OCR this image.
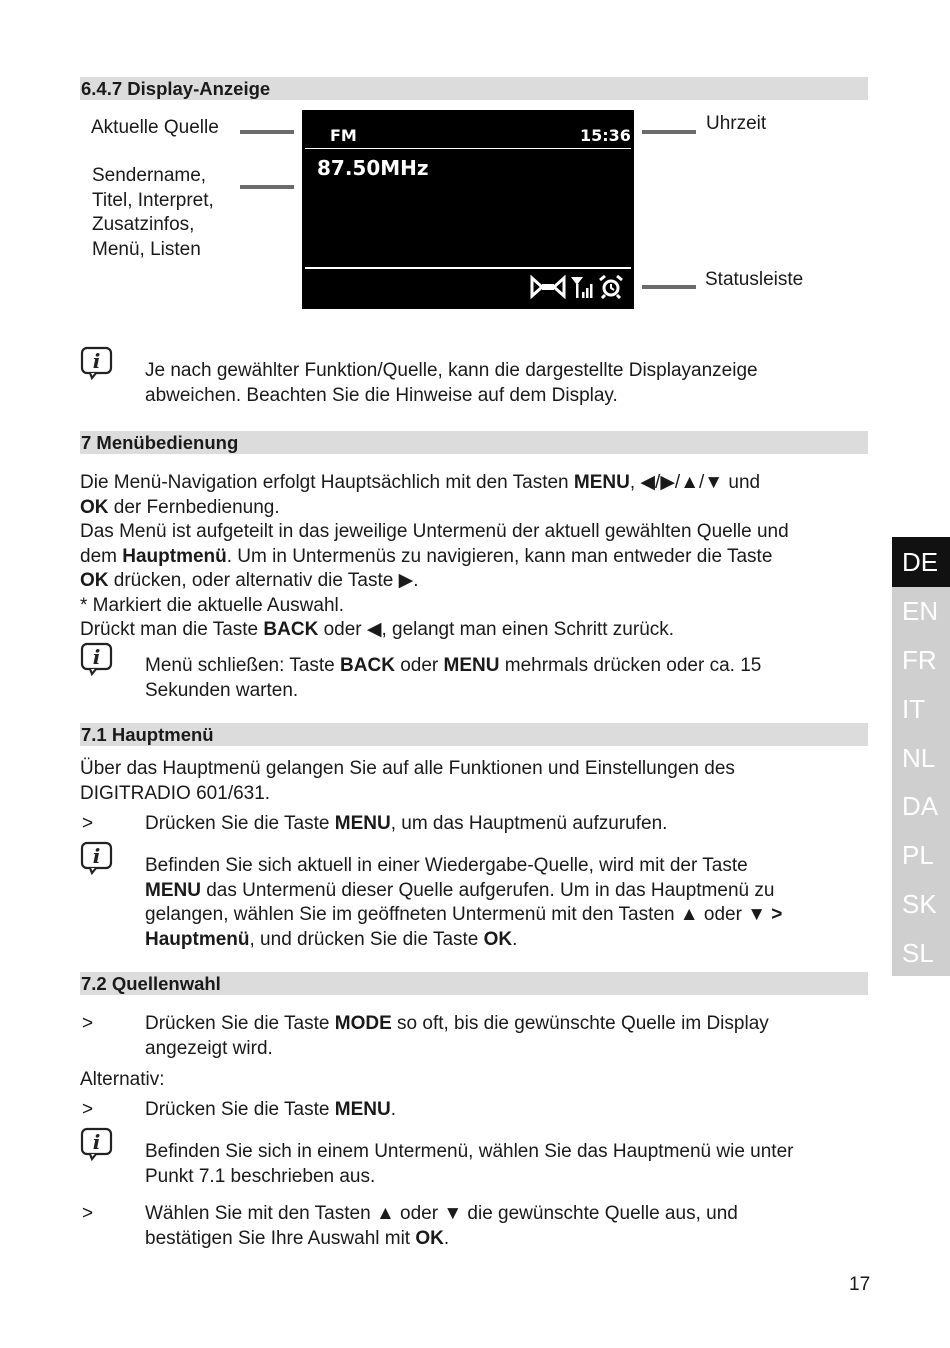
6.4.7 Display-Anzeige
Aktuelle Quelle
Sendername,
Titel, Interpret,
Zusatzinfos,
Menü, Listen
FM	15:36
87.50MHz
Uhrzeit
Statusleiste
i Je nach gewählter Funktion/Quelle, kann die dargestellte Displayanzeige
abweichen. Beachten Sie die Hinweise auf dem Display.
7 Menübedienung
Die Menü-Navigation erfolgt Hauptsächlich mit den Tasten MENU, ◀/▶/▲/▼ und
OK der Fernbedienung.
Das Menü ist aufgeteilt in das jeweilige Untermenü der aktuell gewählten Quelle und
dem Hauptmenü. Um in Untermenüs zu navigieren, kann man entweder die Taste
OK drücken, oder alternativ die Taste ▶.
* Markiert die aktuelle Auswahl.
Drückt man die Taste BACK oder ◀, gelangt man einen Schritt zurück.
i Menü schließen: Taste BACK oder MENU mehrmals drücken oder ca. 15
Sekunden warten.
7.1 Hauptmenü
Über das Hauptmenü gelangen Sie auf alle Funktionen und Einstellungen des
DIGITRADIO 601/631.
>	Drücken Sie die Taste MENU, um das Hauptmenü aufzurufen.
i Befinden Sie sich aktuell in einer Wiedergabe-Quelle, wird mit der Taste
MENU das Untermenü dieser Quelle aufgerufen. Um in das Hauptmenü zu
gelangen, wählen Sie im geöffneten Untermenü mit den Tasten ▲ oder ▼ >
Hauptmenü, und drücken Sie die Taste OK.
7.2 Quellenwahl
>	Drücken Sie die Taste MODE so oft, bis die gewünschte Quelle im Display
angezeigt wird.
Alternativ:
>	Drücken Sie die Taste MENU.
i Befinden Sie sich in einem Untermenü, wählen Sie das Hauptmenü wie unter
Punkt 7.1 beschrieben aus.
>	Wählen Sie mit den Tasten ▲ oder ▼ die gewünschte Quelle aus, und
bestätigen Sie Ihre Auswahl mit OK.
17
DE
EN
FR
IT
NL
DA
PL
SK
SL
